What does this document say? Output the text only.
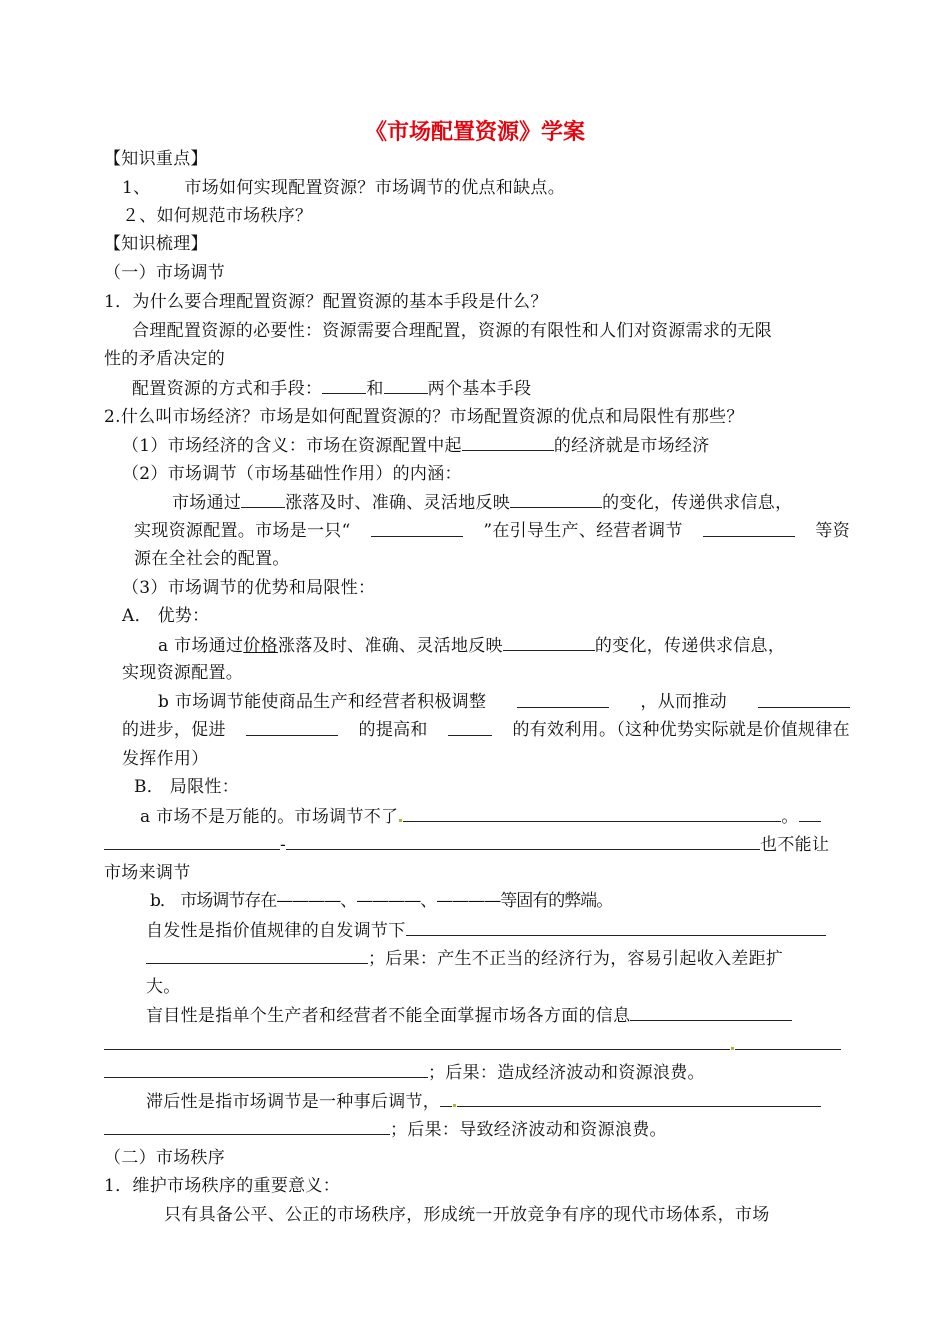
《市场配置资源》学案
【知识重点】
1、 市场如何实现配置资源？市场调节的优点和缺点。
２、如何规范市场秩序？
【知识梳理】
（一）市场调节
1．为什么要合理配置资源？配置资源的基本手段是什么？
合理配置资源的必要性：资源需要合理配置，资源的有限性和人们对资源需求的无限
性的矛盾决定的
配置资源的方式和手段：	和	两个基本手段
2.什么叫市场经济？市场是如何配置资源的？市场配置资源的优点和局限性有那些？
（1）市场经济的含义：市场在资源配置中起	的经济就是市场经济
（2）市场调节（市场基础性作用）的内涵：
市场通过	涨落及时、准确、灵活地反映	的变化，传递供求信息，
实现资源配置。市场是一只“	”在引导生产、经营者调节	等资
源在全社会的配置。
（3）市场调节的优势和局限性：
A． 优势：
a 市场通过价格涨落及时、准确、灵活地反映	的变化，传递供求信息，
实现资源配置。
b 市场调节能使商品生产和经营者积极调整	，从而推动
的进步，促进	的提高和	的有效利用。（这种优势实际就是价值规律在
发挥作用）
B． 局限性：
a 市场不是万能的。市场调节不了	。
-	也不能让
市场来调节
b． 市场调节存在————、————、————等固有的弊端。
自发性是指价值规律的自发调节下
；后果：产生不正当的经济行为，容易引起收入差距扩
大。
盲目性是指单个生产者和经营者不能全面掌握市场各方面的信息
；后果：造成经济波动和资源浪费。
滞后性是指市场调节是一种事后调节，
；后果：导致经济波动和资源浪费。
（二）市场秩序
1．维护市场秩序的重要意义：
只有具备公平、公正的市场秩序，形成统一开放竞争有序的现代市场体系，市场
